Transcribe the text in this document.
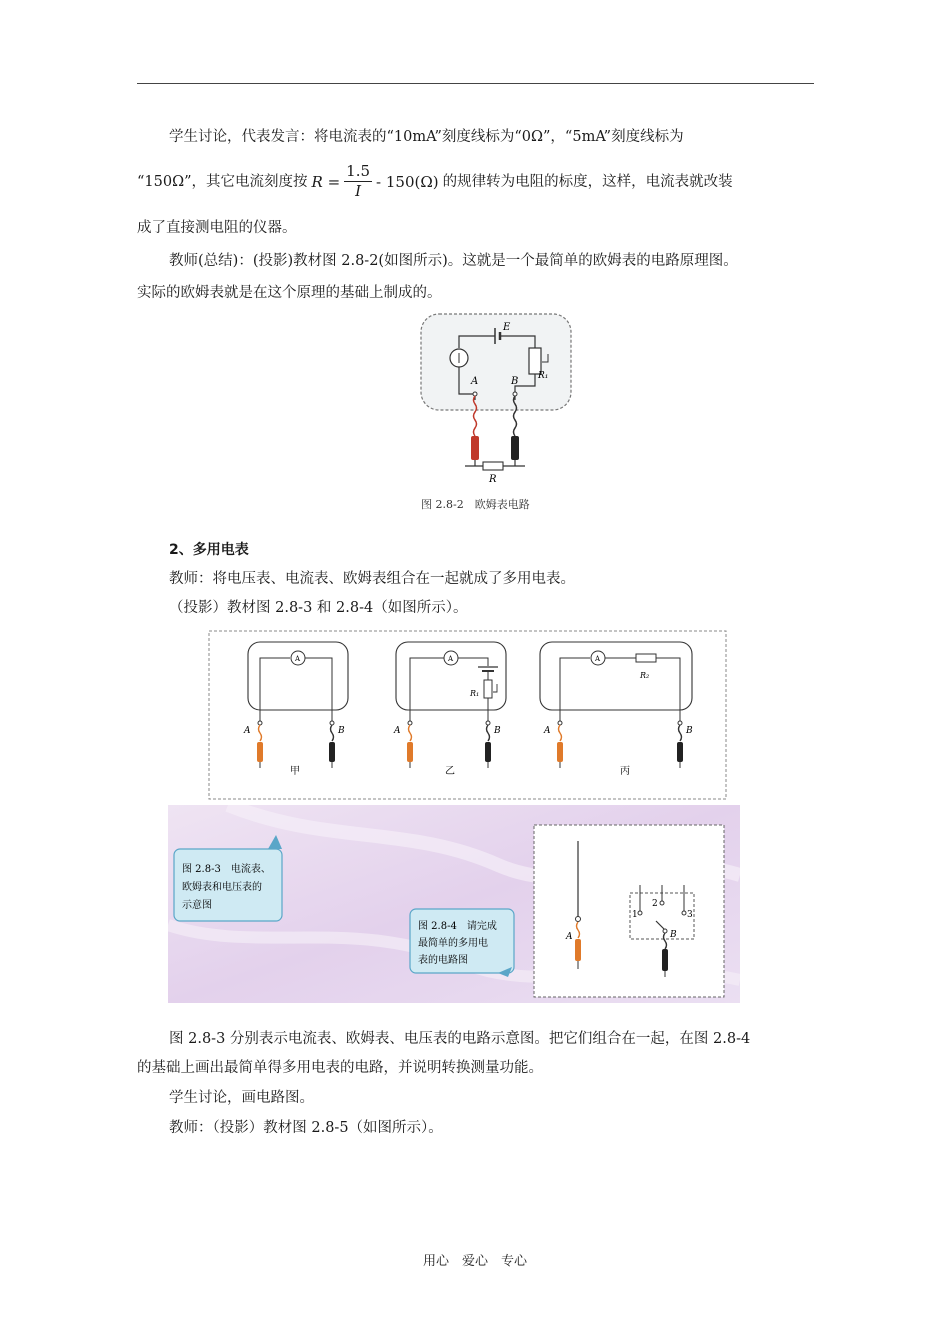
学生讨论，代表发言：将电流表的“10mA”刻度线标为“0Ω”，“5mA”刻度线标为
“150Ω”，其它电流刻度按 $R = \frac{1.5}{I} - 150(\Omega)$ 的规律转为电阻的标度，这样，电流表就改装
成了直接测电阻的仪器。
教师(总结)：(投影)教材图 2.8-2(如图所示)。这就是一个最简单的欧姆表的电路原理图。
实际的欧姆表就是在这个原理的基础上制成的。
E
R₁
A	B
R
图 2.8-2　欧姆表电路
2、多用电表
教师：将电压表、电流表、欧姆表组合在一起就成了多用电表。
（投影）教材图 2.8-3 和 2.8-4（如图所示）。
A
A	B
甲
A
R₁
A	B
乙
A
R₂
A	B
丙
图 2.8-3　电流表、
欧姆表和电压表的
示意图
图 2.8-4　请完成
最简单的多用电
表的电路图
A
1
2
3
B
图 2.8-3 分别表示电流表、欧姆表、电压表的电路示意图。把它们组合在一起，在图 2.8-4
的基础上画出最简单得多用电表的电路，并说明转换测量功能。
学生讨论，画电路图。
教师：（投影）教材图 2.8-5（如图所示）。
用心　爱心　专心
